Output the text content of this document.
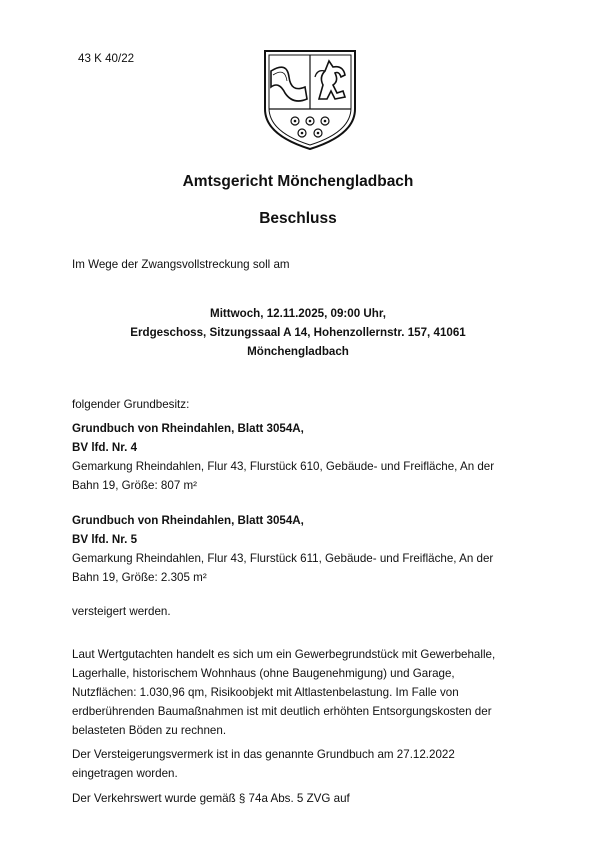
43 K 40/22
Amtsgericht Mönchengladbach
Beschluss
Im Wege der Zwangsvollstreckung soll am
Mittwoch, 12.11.2025, 09:00 Uhr,
Erdgeschoss, Sitzungssaal A 14, Hohenzollernstr. 157, 41061
Mönchengladbach
folgender Grundbesitz:
Grundbuch von Rheindahlen, Blatt 3054A,
BV lfd. Nr. 4
Gemarkung Rheindahlen, Flur 43, Flurstück 610, Gebäude- und Freifläche, An der
Bahn 19, Größe: 807 m²
Grundbuch von Rheindahlen, Blatt 3054A,
BV lfd. Nr. 5
Gemarkung Rheindahlen, Flur 43, Flurstück 611, Gebäude- und Freifläche, An der
Bahn 19, Größe: 2.305 m²
versteigert werden.
Laut Wertgutachten handelt es sich um ein Gewerbegrundstück mit Gewerbehalle,
Lagerhalle, historischem Wohnhaus (ohne Baugenehmigung) und Garage,
Nutzflächen: 1.030,96 qm, Risikoobjekt mit Altlastenbelastung. Im Falle von
erdberührenden Baumaßnahmen ist mit deutlich erhöhten Entsorgungskosten der
belasteten Böden zu rechnen.
Der Versteigerungsvermerk ist in das genannte Grundbuch am 27.12.2022
eingetragen worden.
Der Verkehrswert wurde gemäß § 74a Abs. 5 ZVG auf
